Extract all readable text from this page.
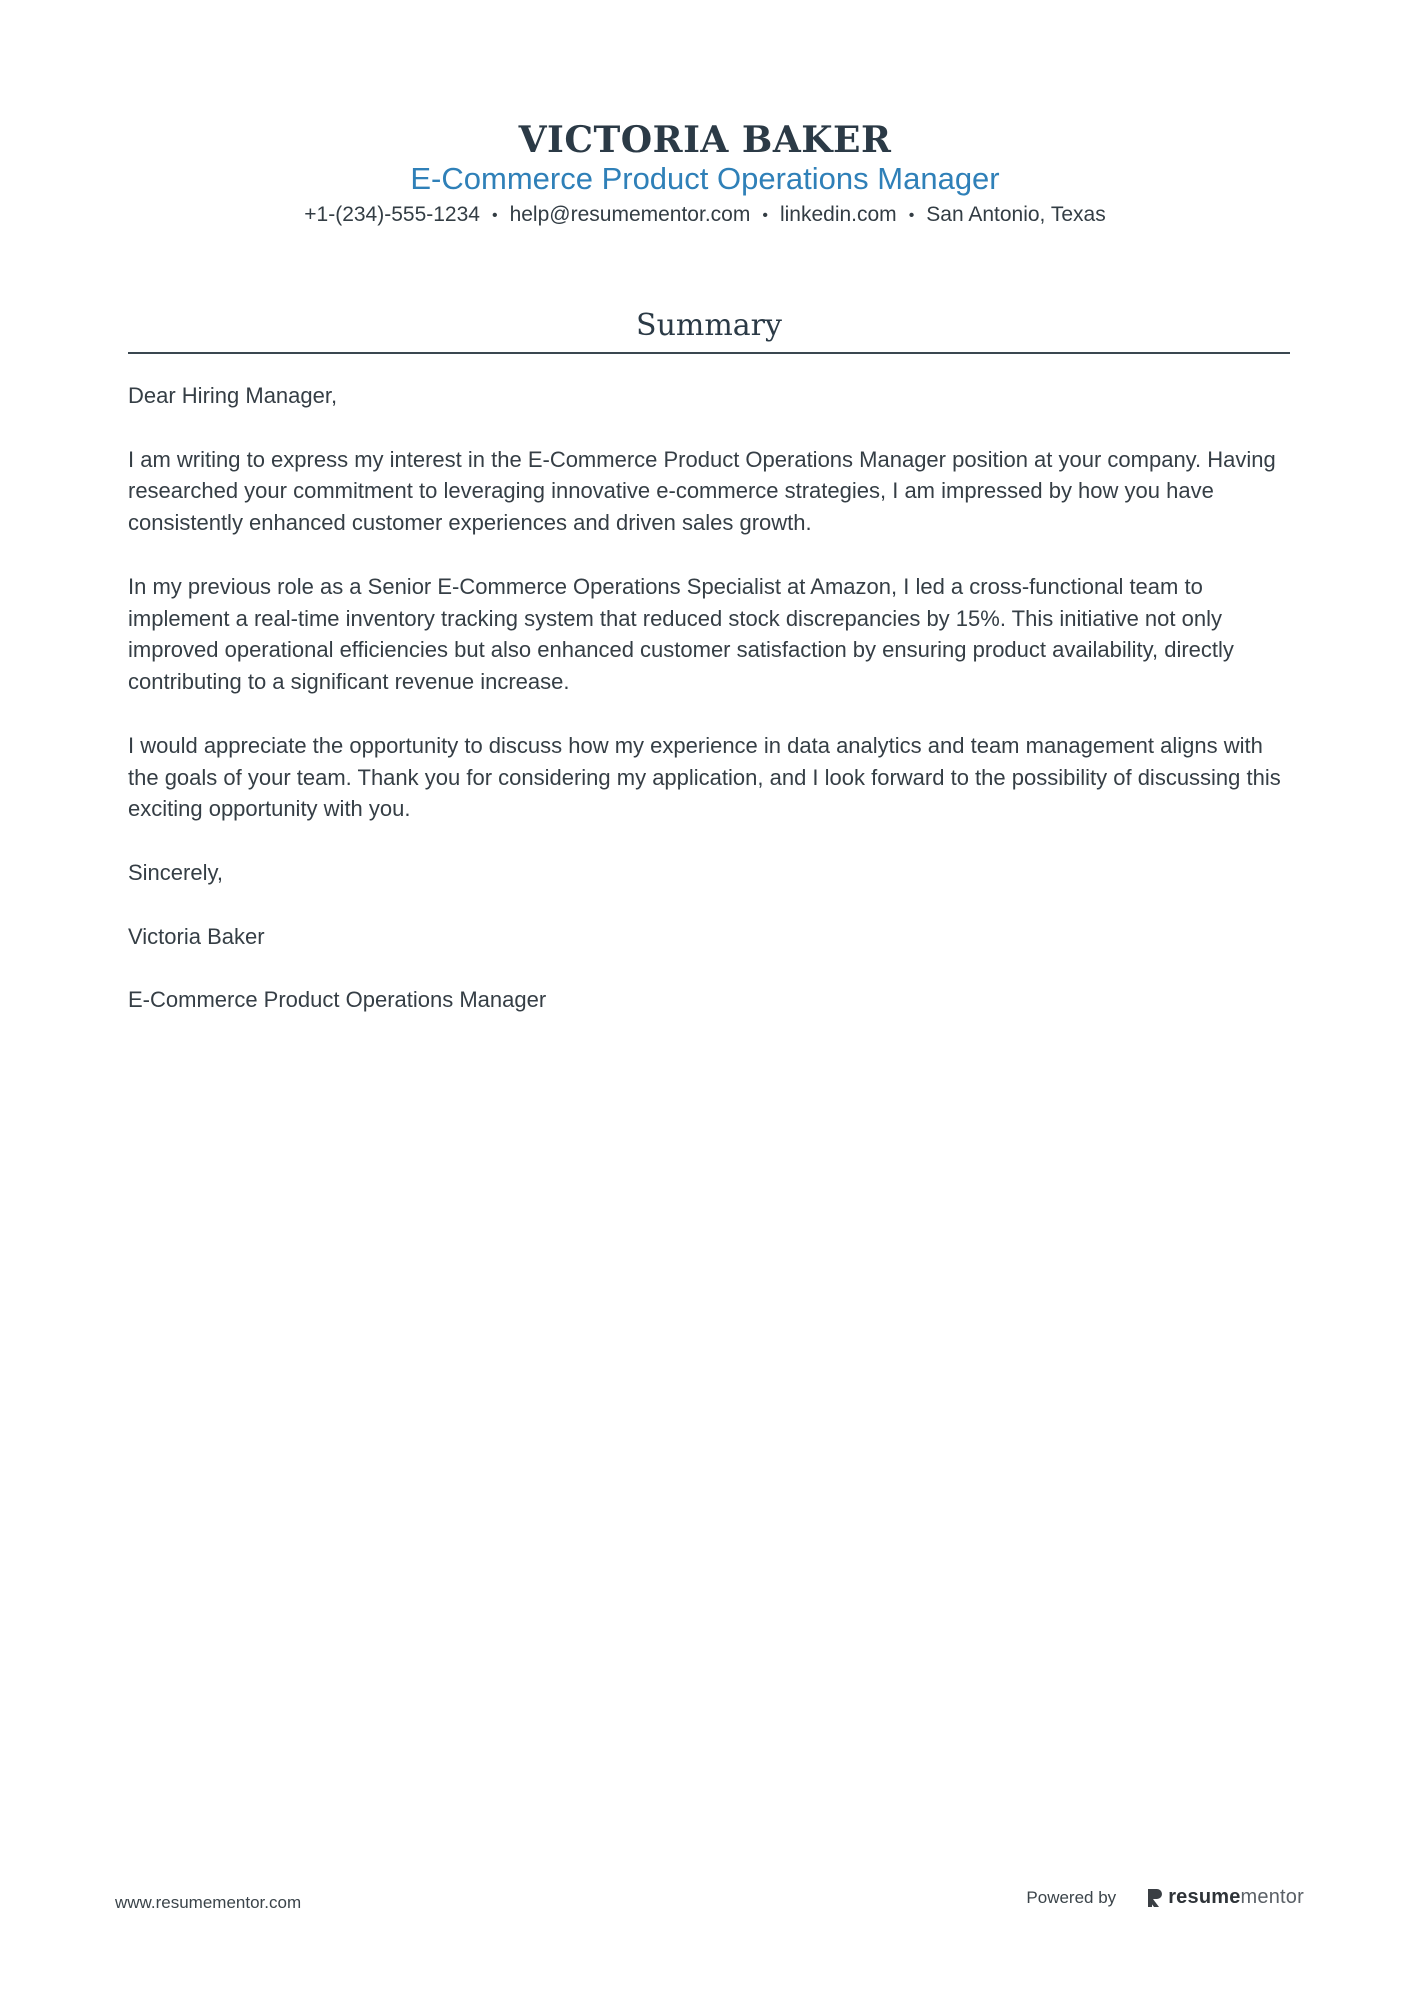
VICTORIA BAKER
E-Commerce Product Operations Manager
+1-(234)-555-1234 • help@resumementor.com • linkedin.com • San Antonio, Texas
Summary

Dear Hiring Manager,

I am writing to express my interest in the E-Commerce Product Operations Manager position at your company. Having researched your commitment to leveraging innovative e-commerce strategies, I am impressed by how you have consistently enhanced customer experiences and driven sales growth.

In my previous role as a Senior E-Commerce Operations Specialist at Amazon, I led a cross-functional team to implement a real-time inventory tracking system that reduced stock discrepancies by 15%. This initiative not only improved operational efficiencies but also enhanced customer satisfaction by ensuring product availability, directly contributing to a significant revenue increase.

I would appreciate the opportunity to discuss how my experience in data analytics and team management aligns with the goals of your team. Thank you for considering my application, and I look forward to the possibility of discussing this exciting opportunity with you.

Sincerely,

Victoria Baker

E-Commerce Product Operations Manager

www.resumementor.com	Powered by	resume mentor
